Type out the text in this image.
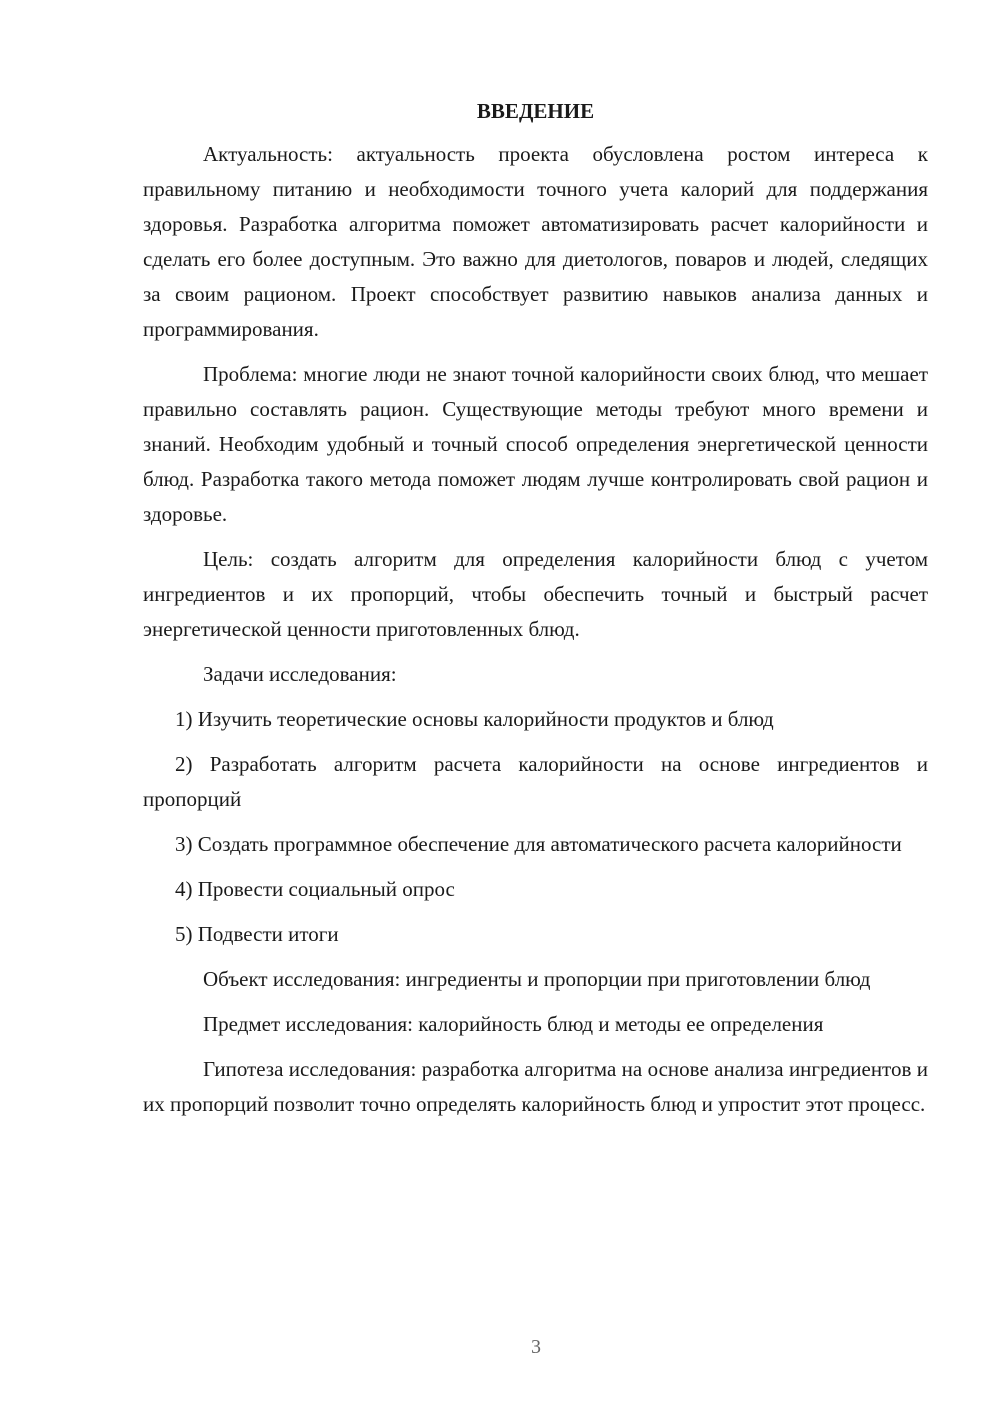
ВВЕДЕНИЕ

Актуальность: актуальность проекта обусловлена ростом интереса к правильному питанию и необходимости точного учета калорий для поддержания здоровья. Разработка алгоритма поможет автоматизировать расчет калорийности и сделать его более доступным. Это важно для диетологов, поваров и людей, следящих за своим рационом. Проект способствует развитию навыков анализа данных и программирования.

Проблема: многие люди не знают точной калорийности своих блюд, что мешает правильно составлять рацион. Существующие методы требуют много времени и знаний. Необходим удобный и точный способ определения энергетической ценности блюд. Разработка такого метода поможет людям лучше контролировать свой рацион и здоровье.

Цель: создать алгоритм для определения калорийности блюд с учетом ингредиентов и их пропорций, чтобы обеспечить точный и быстрый расчет энергетической ценности приготовленных блюд.

Задачи исследования:

1) Изучить теоретические основы калорийности продуктов и блюд

2) Разработать алгоритм расчета калорийности на основе ингредиентов и пропорций

3) Создать программное обеспечение для автоматического расчета калорийности

4) Провести социальный опрос

5) Подвести итоги

Объект исследования: ингредиенты и пропорции при приготовлении блюд

Предмет исследования: калорийность блюд и методы ее определения

Гипотеза исследования: разработка алгоритма на основе анализа ингредиентов и их пропорций позволит точно определять калорийность блюд и упростит этот процесс.

3
